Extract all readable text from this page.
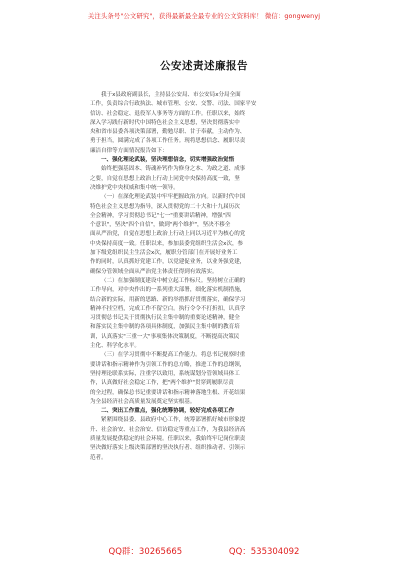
关注头条号"公文研究"，获得最新最全最专业的公文资料库！ 微信：gongwenyj
公安述责述廉报告
我于x县政府副县长，主持县公安局、市公安局x分局全面
工作，负责综合行政执法、城市管理、公安、交警、司法、国家平安
信访、社会稳定、退役军人事务等方面的工作。任职以来，始终
深入学习践行新时代中国特色社会主义思想，坚决贯彻落实中
央和省市县委各项决策部署，勤勉尽职、甘于奉献，主动作为、
勇于担当，圆满完成了各项工作任务。现将思想信念、履职尽责
廉洁自律等方面情况报告如下：
一、强化理论武装，坚决理想信念，切实增强政治觉悟
始终把强基固本、铸魂补钙作为修身之本、为政之道、成事
之要，自觉在思想上政治上行动上同党中央保持高度一致，坚
决维护党中央权威和集中统一领导。
（一）在深化理论武装中牢牢把握政治方向。以新时代中国
特色社会主义思想为指导，深入贯彻党的二十大和十九届历次
全会精神，学习贯彻总书记"七一"重要讲话精神，增强"四
个意识"，坚决"四个自信"，做到"两个维护"，坚决不移全
面从严治党，自觉在思想上政治上行动上同以习近平为核心的党
中央保持高度一致。任职以来，参加县委党组织生活会x次，参
加下级党组织民主生活会x次，履职分管部门在开展好业务工
作的同时，认真抓好党建工作，以党建促业务，以业务强党建，
确保分管领域全面从严治党主体责任得到有效落实。
（二）在加强制度建设中树立起工作标尺。坚持树立正确的
工作导向，对中央作出的一系列重大部署，细化落实机制措施，
结合新的实际，用新的思路、新的举措抓好贯彻落实，确保学习
精神不挂空档，完成工作不留空白。执行令令不打折扣，认真学
习贯彻总书记关于贯彻执行民主集中制的重要论述精神，健全
和落实民主集中制的各项具体制度，加强民主集中制的教育培
训，认真落实"三重一大"事项集体决策制度，不断提高决策民
主化、科学化水平。
（三）在学习贯彻中不断提高工作能力。将总书记视察时重
要讲话和指示精神作为引领工作的总方略，推进工作的总纲领，
坚持理论联系实际，注重学以致用，系统谋划分管领域具体工
作，认真做好社会稳定工作，把"两个维护"贯穿到履职尽责
的全过程，确保总书记重要讲话和指示精神落地生根、开花结果
为全县经济社会高质量发展奠定坚实根基。
二、突出工作重点，强化统筹协调，较好完成各项工作
紧紧围绕县委、县政府中心工作，统筹部署抓好城市形象提
升、社会治安、社会治安、信访稳定等重点工作，为我县经济高
质量发展提供稳定的社会环境。任职以来，我始终牢记岗位职责
坚决做好落实上级决策部署的坚决执行者、组织推动者、引领示
范者。
QQ群：30265665	QQ：535304092
